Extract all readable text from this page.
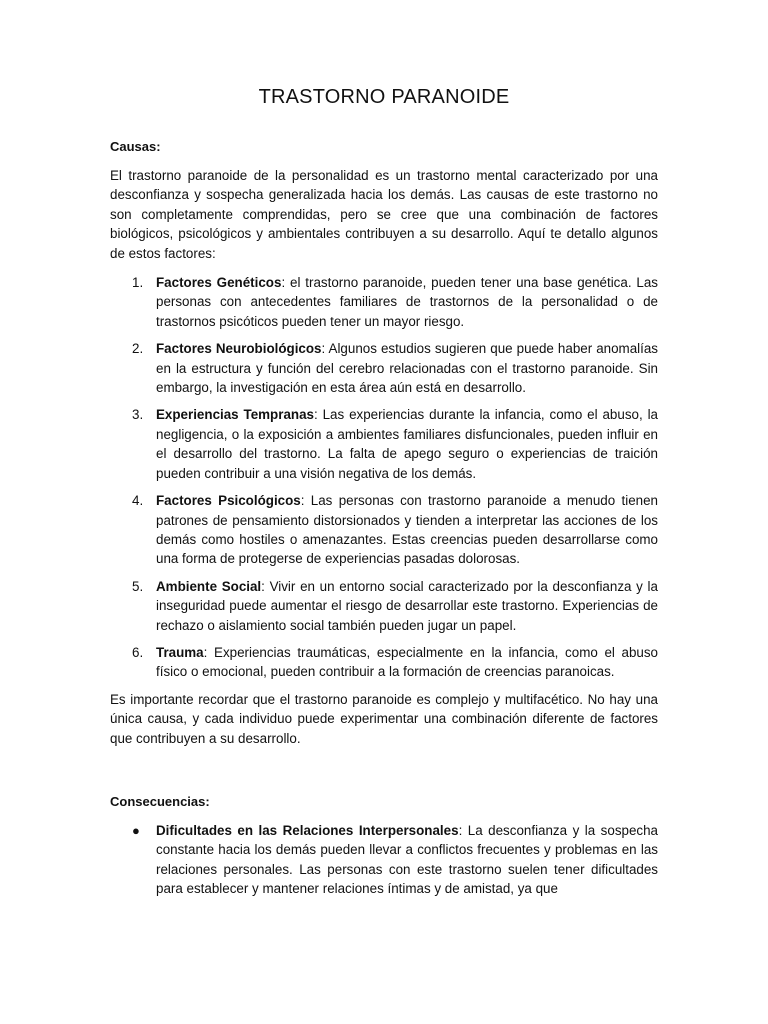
TRASTORNO PARANOIDE
Causas:

El trastorno paranoide de la personalidad es un trastorno mental caracterizado por una desconfianza y sospecha generalizada hacia los demás. Las causas de este trastorno no son completamente comprendidas, pero se cree que una combinación de factores biológicos, psicológicos y ambientales contribuyen a su desarrollo. Aquí te detallo algunos de estos factores:

1. Factores Genéticos: el trastorno paranoide, pueden tener una base genética. Las personas con antecedentes familiares de trastornos de la personalidad o de trastornos psicóticos pueden tener un mayor riesgo.
2. Factores Neurobiológicos: Algunos estudios sugieren que puede haber anomalías en la estructura y función del cerebro relacionadas con el trastorno paranoide. Sin embargo, la investigación en esta área aún está en desarrollo.
3. Experiencias Tempranas: Las experiencias durante la infancia, como el abuso, la negligencia, o la exposición a ambientes familiares disfuncionales, pueden influir en el desarrollo del trastorno. La falta de apego seguro o experiencias de traición pueden contribuir a una visión negativa de los demás.
4. Factores Psicológicos: Las personas con trastorno paranoide a menudo tienen patrones de pensamiento distorsionados y tienden a interpretar las acciones de los demás como hostiles o amenazantes. Estas creencias pueden desarrollarse como una forma de protegerse de experiencias pasadas dolorosas.
5. Ambiente Social: Vivir en un entorno social caracterizado por la desconfianza y la inseguridad puede aumentar el riesgo de desarrollar este trastorno. Experiencias de rechazo o aislamiento social también pueden jugar un papel.
6. Trauma: Experiencias traumáticas, especialmente en la infancia, como el abuso físico o emocional, pueden contribuir a la formación de creencias paranoicas.

Es importante recordar que el trastorno paranoide es complejo y multifacético. No hay una única causa, y cada individuo puede experimentar una combinación diferente de factores que contribuyen a su desarrollo.

Consecuencias:
● Dificultades en las Relaciones Interpersonales: La desconfianza y la sospecha constante hacia los demás pueden llevar a conflictos frecuentes y problemas en las relaciones personales. Las personas con este trastorno suelen tener dificultades para establecer y mantener relaciones íntimas y de amistad, ya que
